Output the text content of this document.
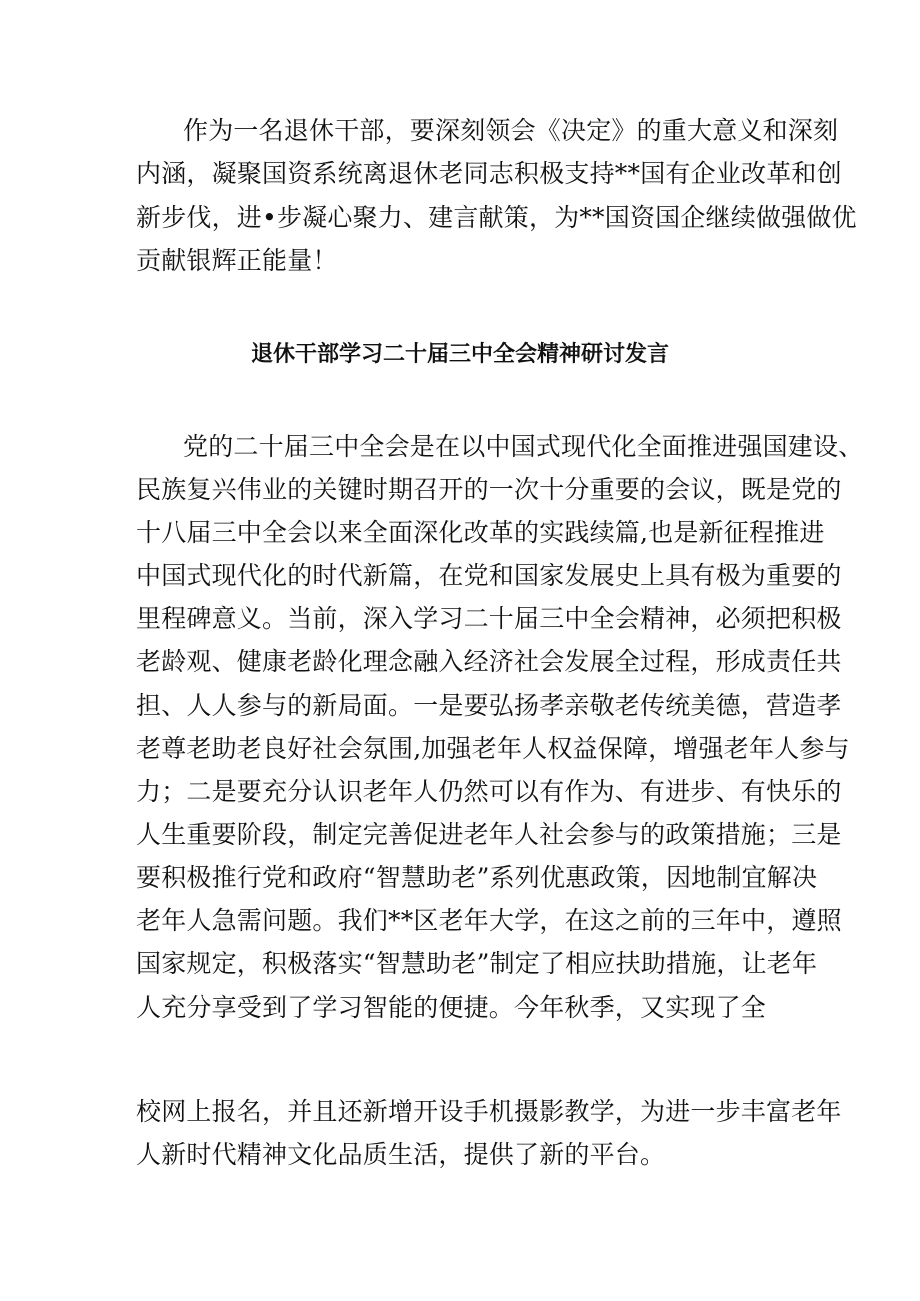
作为一名退休干部，要深刻领会《决定》的重大意义和深刻
内涵，凝聚国资系统离退休老同志积极支持**国有企业改革和创
新步伐，进•步凝心聚力、建言献策，为**国资国企继续做强做优
贡献银辉正能量！
退休干部学习二十届三中全会精神研讨发言
党的二十届三中全会是在以中国式现代化全面推进强国建设、
民族复兴伟业的关键时期召开的一次十分重要的会议，既是党的
十八届三中全会以来全面深化改革的实践续篇,也是新征程推进
中国式现代化的时代新篇，在党和国家发展史上具有极为重要的
里程碑意义。当前，深入学习二十届三中全会精神，必须把积极
老龄观、健康老龄化理念融入经济社会发展全过程，形成责任共
担、人人参与的新局面。一是要弘扬孝亲敬老传统美德，营造孝
老尊老助老良好社会氛围,加强老年人权益保障，增强老年人参与
力；二是要充分认识老年人仍然可以有作为、有进步、有快乐的
人生重要阶段，制定完善促进老年人社会参与的政策措施；三是
要积极推行党和政府“智慧助老”系列优惠政策，因地制宜解决
老年人急需问题。我们**区老年大学，在这之前的三年中，遵照
国家规定，积极落实“智慧助老”制定了相应扶助措施，让老年
人充分享受到了学习智能的便捷。今年秋季，又实现了全
校网上报名，并且还新增开设手机摄影教学，为进一步丰富老年
人新时代精神文化品质生活，提供了新的平台。
